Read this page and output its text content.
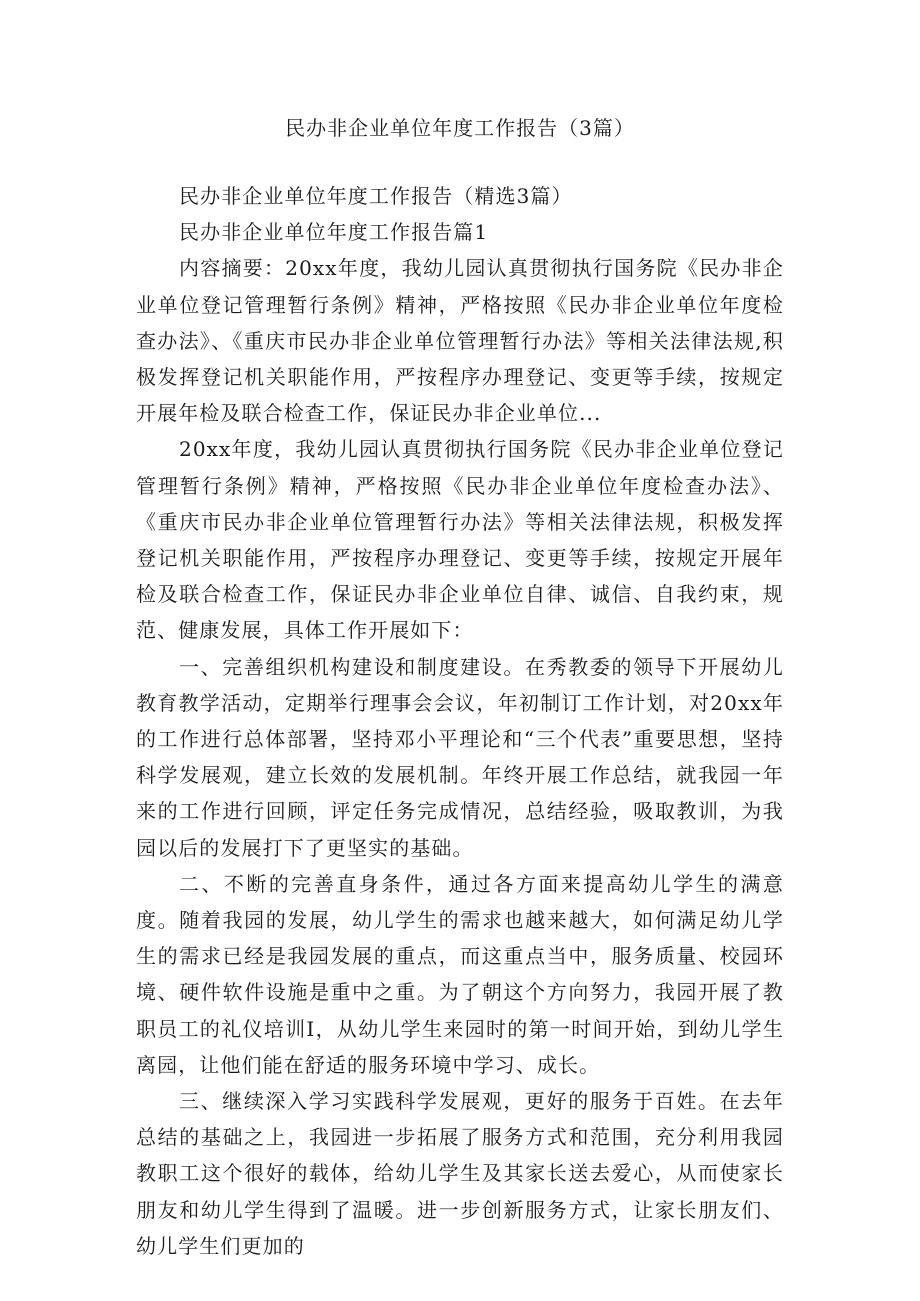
民办非企业单位年度工作报告（3篇）

民办非企业单位年度工作报告（精选3篇）

民办非企业单位年度工作报告篇1

内容摘要：20xx年度，我幼儿园认真贯彻执行国务院《民办非企业单位登记管理暂行条例》精神，严格按照《民办非企业单位年度检查办法》、《重庆市民办非企业单位管理暂行办法》等相关法律法规,积极发挥登记机关职能作用，严按程序办理登记、变更等手续，按规定开展年检及联合检查工作，保证民办非企业单位...

20xx年度，我幼儿园认真贯彻执行国务院《民办非企业单位登记管理暂行条例》精神，严格按照《民办非企业单位年度检查办法》、《重庆市民办非企业单位管理暂行办法》等相关法律法规，积极发挥登记机关职能作用，严按程序办理登记、变更等手续，按规定开展年检及联合检查工作，保证民办非企业单位自律、诚信、自我约束，规范、健康发展，具体工作开展如下：

一、完善组织机构建设和制度建设。在秀教委的领导下开展幼儿教育教学活动，定期举行理事会会议，年初制订工作计划，对20xx年的工作进行总体部署，坚持邓小平理论和“三个代表”重要思想，坚持科学发展观，建立长效的发展机制。年终开展工作总结，就我园一年来的工作进行回顾，评定任务完成情况，总结经验，吸取教训，为我园以后的发展打下了更坚实的基础。

二、不断的完善直身条件，通过各方面来提高幼儿学生的满意度。随着我园的发展，幼儿学生的需求也越来越大，如何满足幼儿学生的需求已经是我园发展的重点，而这重点当中，服务质量、校园环境、硬件软件设施是重中之重。为了朝这个方向努力，我园开展了教职员工的礼仪培训I，从幼儿学生来园时的第一时间开始，到幼儿学生离园，让他们能在舒适的服务环境中学习、成长。

三、继续深入学习实践科学发展观，更好的服务于百姓。在去年总结的基础之上，我园进一步拓展了服务方式和范围，充分利用我园教职工这个很好的载体，给幼儿学生及其家长送去爱心，从而使家长朋友和幼儿学生得到了温暖。进一步创新服务方式，让家长朋友们、幼儿学生们更加的
